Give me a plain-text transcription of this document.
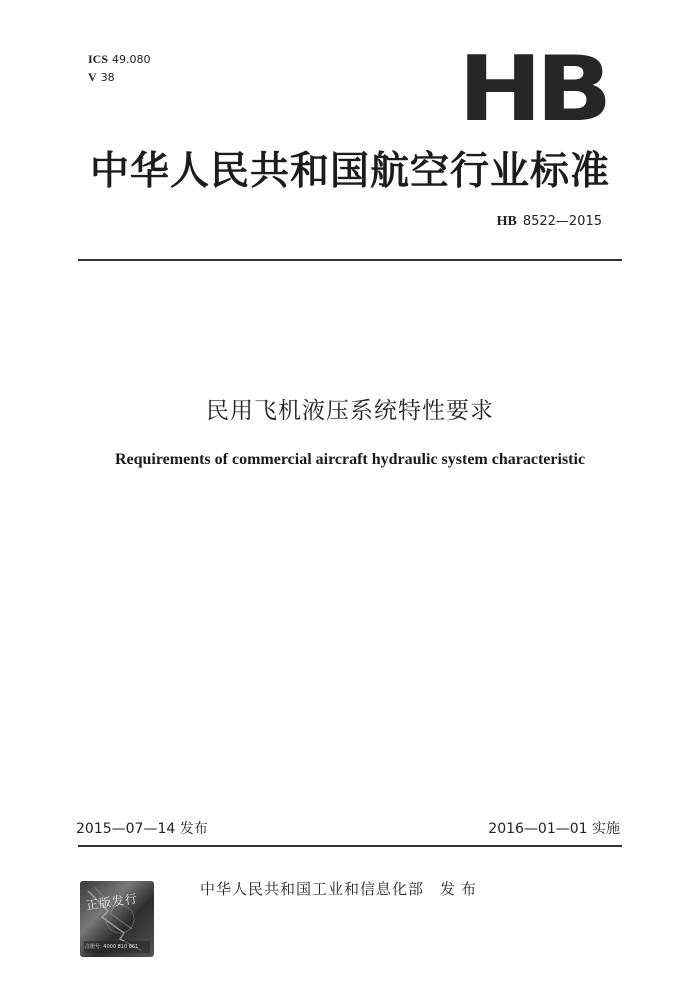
ICS 49.080
V 38	HB
中华人民共和国航空行业标准
HB 8522—2015
民用飞机液压系统特性要求
Requirements of commercial aircraft hydraulic system characteristic
2015—07—14 发布	2016—01—01 实施
正版发行
注册号: 4000 810 861
中华人民共和国工业和信息化部 发布
